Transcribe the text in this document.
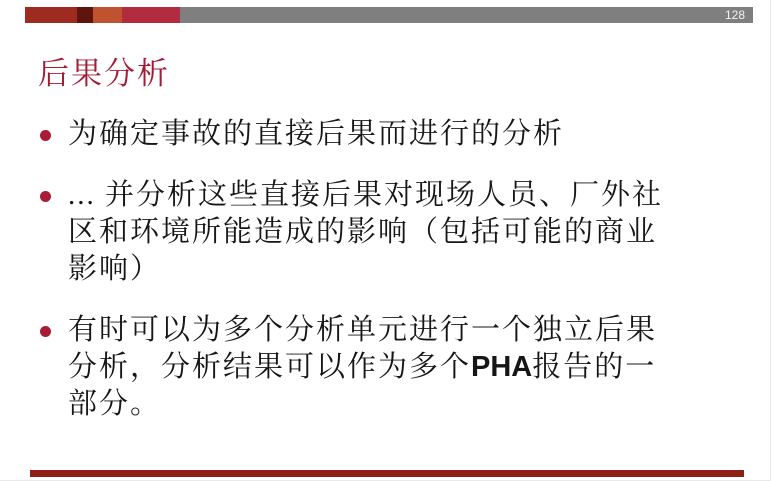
128
后果分析
为确定事故的直接后果而进行的分析
... 并分析这些直接后果对现场人员、厂外社
区和环境所能造成的影响（包括可能的商业
影响）
有时可以为多个分析单元进行一个独立后果
分析，分析结果可以作为多个PHA报告的一
部分。
